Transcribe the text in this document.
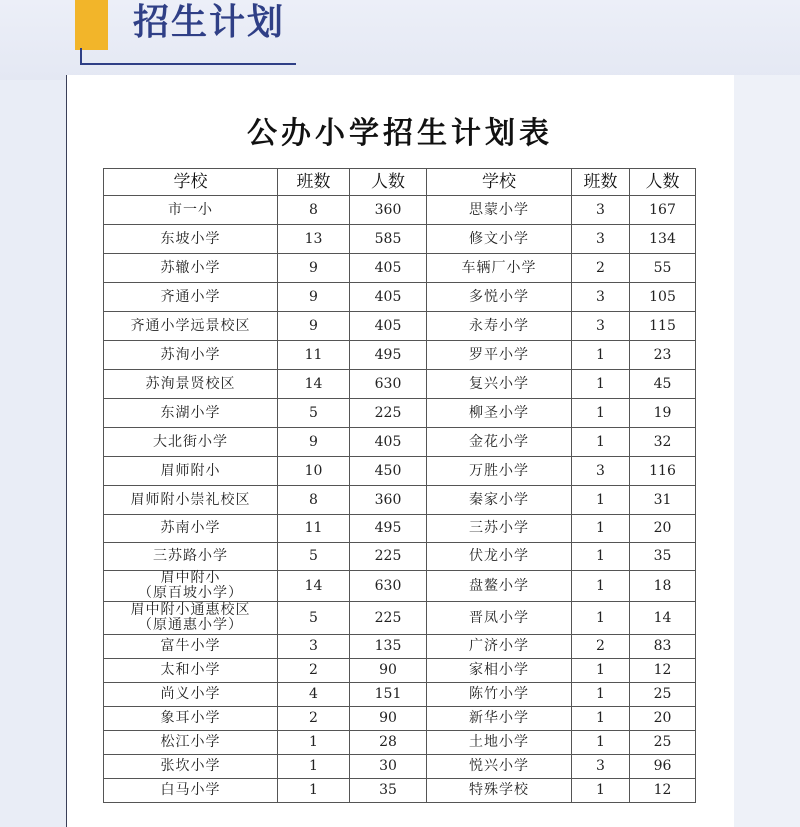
招生计划
公办小学招生计划表
学校	班数	人数	学校	班数	人数
市一小	8	360	思蒙小学	3	167
东坡小学	13	585	修文小学	3	134
苏辙小学	9	405	车辆厂小学	2	55
齐通小学	9	405	多悦小学	3	105
齐通小学远景校区	9	405	永寿小学	3	115
苏洵小学	11	495	罗平小学	1	23
苏洵景贤校区	14	630	复兴小学	1	45
东湖小学	5	225	柳圣小学	1	19
大北街小学	9	405	金花小学	1	32
眉师附小	10	450	万胜小学	3	116
眉师附小崇礼校区	8	360	秦家小学	1	31
苏南小学	11	495	三苏小学	1	20
三苏路小学	5	225	伏龙小学	1	35
眉中附小
（原百坡小学）	14	630	盘鳌小学	1	18
眉中附小通惠校区
（原通惠小学）	5	225	晋凤小学	1	14
富牛小学	3	135	广济小学	2	83
太和小学	2	90	家相小学	1	12
尚义小学	4	151	陈竹小学	1	25
象耳小学	2	90	新华小学	1	20
松江小学	1	28	土地小学	1	25
张坎小学	1	30	悦兴小学	3	96
白马小学	1	35	特殊学校	1	12
